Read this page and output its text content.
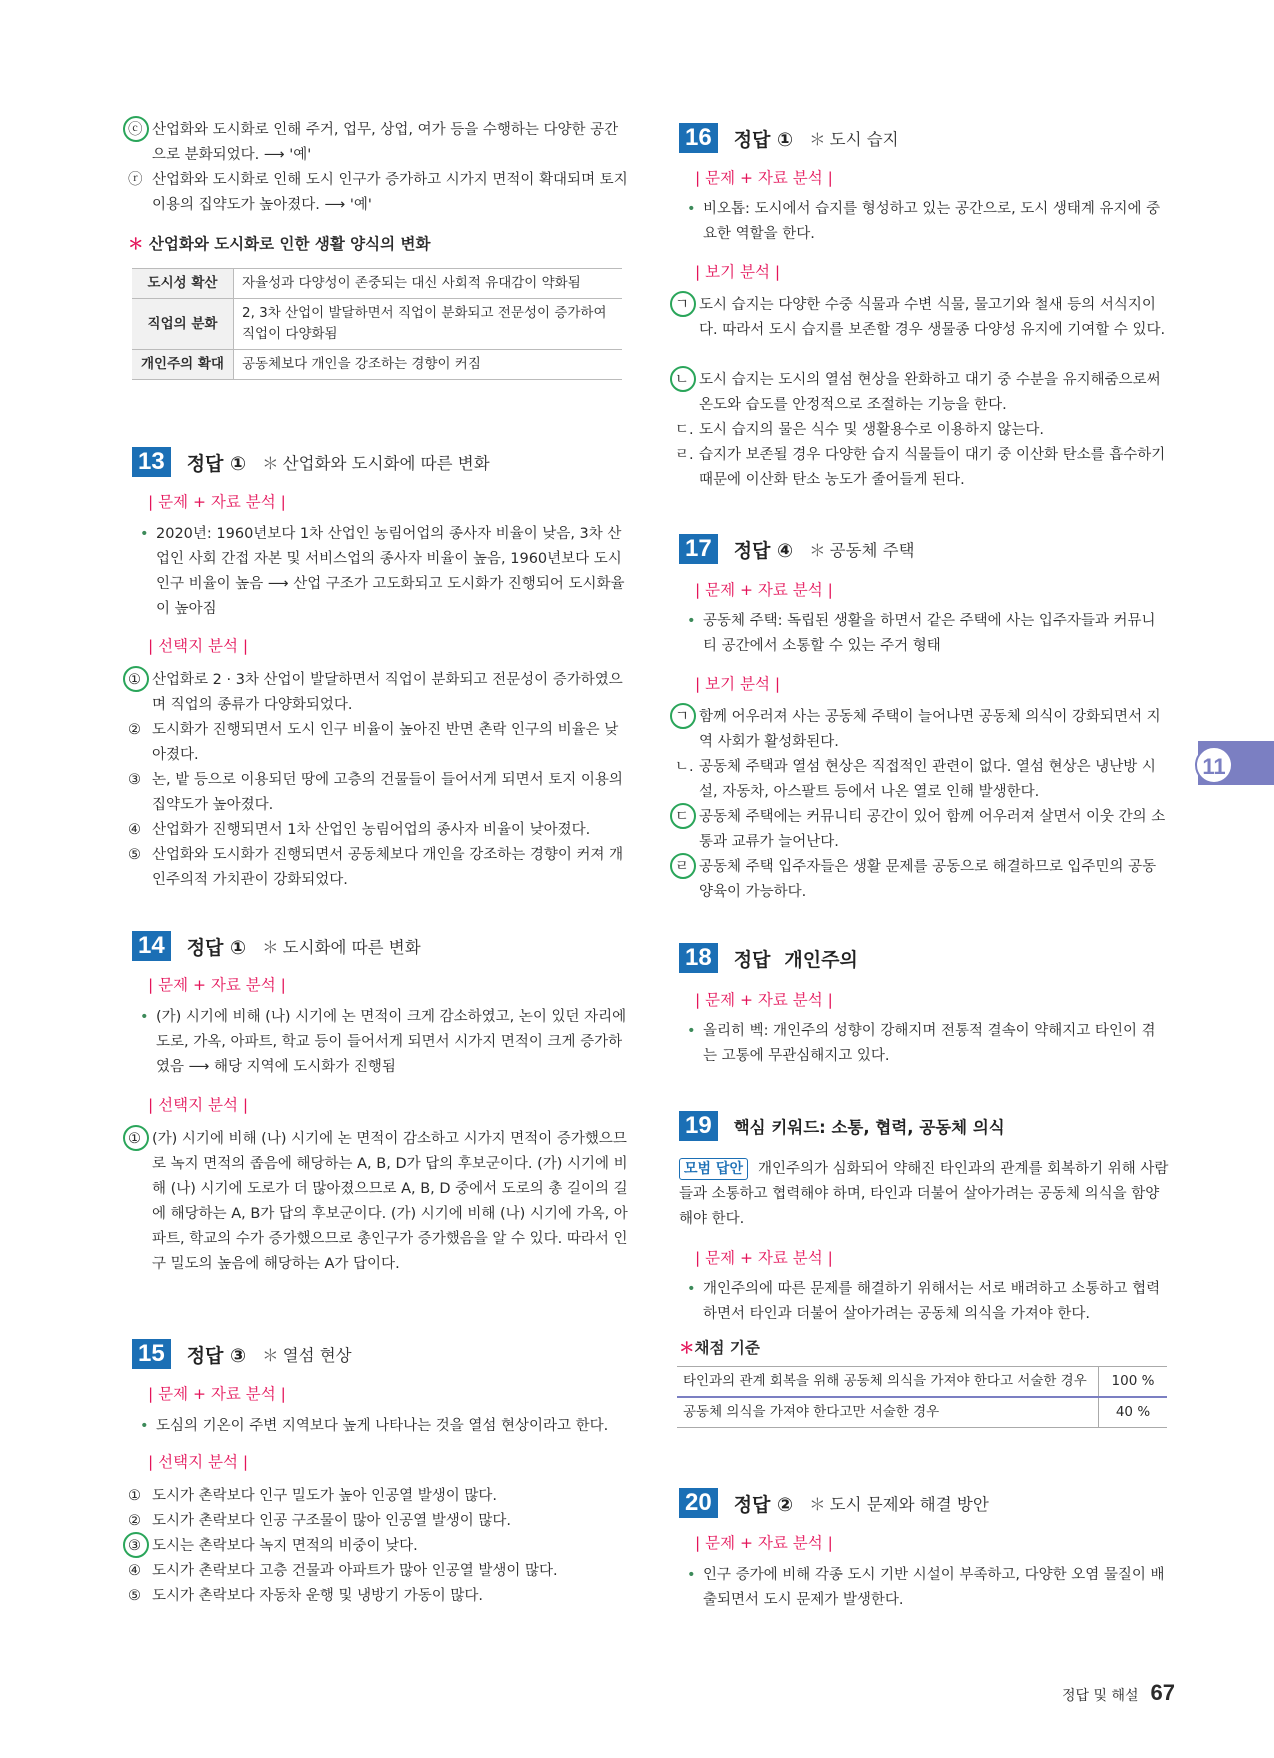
ⓒ 산업화와 도시화로 인해 주거, 업무, 상업, 여가 등을 수행하는 다양한 공간으로 분화되었다. ⟶ '예'
ⓡ 산업화와 도시화로 인해 도시 인구가 증가하고 시가지 면적이 확대되며 토지 이용의 집약도가 높아졌다. ⟶ '예'
＊ 산업화와 도시화로 인한 생활 양식의 변화
도시성 확산	자율성과 다양성이 존중되는 대신 사회적 유대감이 약화됨
직업의 분화	2, 3차 산업이 발달하면서 직업이 분화되고 전문성이 증가하여 직업이 다양화됨
개인주의 확대	공동체보다 개인을 강조하는 경향이 커짐
13	정답 ① ＊ 산업화와 도시화에 따른 변화
| 문제 + 자료 분석 |
• 2020년: 1960년보다 1차 산업인 농림어업의 종사자 비율이 낮음, 3차 산업인 사회 간접 자본 및 서비스업의 종사자 비율이 높음, 1960년보다 도시 인구 비율이 높음 ⟶ 산업 구조가 고도화되고 도시화가 진행되어 도시화율이 높아짐
| 선택지 분석 |
① 산업화로 2 · 3차 산업이 발달하면서 직업이 분화되고 전문성이 증가하였으며 직업의 종류가 다양화되었다.
② 도시화가 진행되면서 도시 인구 비율이 높아진 반면 촌락 인구의 비율은 낮아졌다.
③ 논, 밭 등으로 이용되던 땅에 고층의 건물들이 들어서게 되면서 토지 이용의 집약도가 높아졌다.
④ 산업화가 진행되면서 1차 산업인 농림어업의 종사자 비율이 낮아졌다.
⑤ 산업화와 도시화가 진행되면서 공동체보다 개인을 강조하는 경향이 커져 개인주의적 가치관이 강화되었다.
14	정답 ① ＊ 도시화에 따른 변화
| 문제 + 자료 분석 |
• (가) 시기에 비해 (나) 시기에 논 면적이 크게 감소하였고, 논이 있던 자리에 도로, 가옥, 아파트, 학교 등이 들어서게 되면서 시가지 면적이 크게 증가하였음 ⟶ 해당 지역에 도시화가 진행됨
| 선택지 분석 |
① (가) 시기에 비해 (나) 시기에 논 면적이 감소하고 시가지 면적이 증가했으므로 녹지 면적의 좁음에 해당하는 A, B, D가 답의 후보군이다. (가) 시기에 비해 (나) 시기에 도로가 더 많아졌으므로 A, B, D 중에서 도로의 총 길이의 길에 해당하는 A, B가 답의 후보군이다. (가) 시기에 비해 (나) 시기에 가옥, 아파트, 학교의 수가 증가했으므로 총인구가 증가했음을 알 수 있다. 따라서 인구 밀도의 높음에 해당하는 A가 답이다.
15	정답 ③ ＊ 열섬 현상
| 문제 + 자료 분석 |
• 도심의 기온이 주변 지역보다 높게 나타나는 것을 열섬 현상이라고 한다.
| 선택지 분석 |
① 도시가 촌락보다 인구 밀도가 높아 인공열 발생이 많다.
② 도시가 촌락보다 인공 구조물이 많아 인공열 발생이 많다.
③ 도시는 촌락보다 녹지 면적의 비중이 낮다.
④ 도시가 촌락보다 고층 건물과 아파트가 많아 인공열 발생이 많다.
⑤ 도시가 촌락보다 자동차 운행 및 냉방기 가동이 많다.
16	정답 ① ＊ 도시 습지
| 문제 + 자료 분석 |
• 비오톱: 도시에서 습지를 형성하고 있는 공간으로, 도시 생태계 유지에 중요한 역할을 한다.
| 보기 분석 |
ㄱ 도시 습지는 다양한 수중 식물과 수변 식물, 물고기와 철새 등의 서식지이다. 따라서 도시 습지를 보존할 경우 생물종 다양성 유지에 기여할 수 있다.
ㄴ 도시 습지는 도시의 열섬 현상을 완화하고 대기 중 수분을 유지해줌으로써 온도와 습도를 안정적으로 조절하는 기능을 한다.
ㄷ. 도시 습지의 물은 식수 및 생활용수로 이용하지 않는다.
ㄹ. 습지가 보존될 경우 다양한 습지 식물들이 대기 중 이산화 탄소를 흡수하기 때문에 이산화 탄소 농도가 줄어들게 된다.
17	정답 ④ ＊ 공동체 주택
| 문제 + 자료 분석 |
• 공동체 주택: 독립된 생활을 하면서 같은 주택에 사는 입주자들과 커뮤니티 공간에서 소통할 수 있는 주거 형태
| 보기 분석 |
ㄱ 함께 어우러져 사는 공동체 주택이 늘어나면 공동체 의식이 강화되면서 지역 사회가 활성화된다.
ㄴ. 공동체 주택과 열섬 현상은 직접적인 관련이 없다. 열섬 현상은 냉난방 시설, 자동차, 아스팔트 등에서 나온 열로 인해 발생한다.
ㄷ 공동체 주택에는 커뮤니티 공간이 있어 함께 어우러져 살면서 이웃 간의 소통과 교류가 늘어난다.
ㄹ 공동체 주택 입주자들은 생활 문제를 공동으로 해결하므로 입주민의 공동 양육이 가능하다.
18	정답 개인주의
| 문제 + 자료 분석 |
• 올리히 벡: 개인주의 성향이 강해지며 전통적 결속이 약해지고 타인이 겪는 고통에 무관심해지고 있다.
19	핵심 키워드: 소통, 협력, 공동체 의식
모범 답안 개인주의가 심화되어 약해진 타인과의 관계를 회복하기 위해 사람들과 소통하고 협력해야 하며, 타인과 더불어 살아가려는 공동체 의식을 함양해야 한다.
| 문제 + 자료 분석 |
• 개인주의에 따른 문제를 해결하기 위해서는 서로 배려하고 소통하고 협력하면서 타인과 더불어 살아가려는 공동체 의식을 가져야 한다.
＊채점 기준
타인과의 관계 회복을 위해 공동체 의식을 가져야 한다고 서술한 경우	100 %
공동체 의식을 가져야 한다고만 서술한 경우	40 %
20	정답 ② ＊ 도시 문제와 해결 방안
| 문제 + 자료 분석 |
• 인구 증가에 비해 각종 도시 기반 시설이 부족하고, 다양한 오염 물질이 배출되면서 도시 문제가 발생한다.
11
정답 및 해설 67
